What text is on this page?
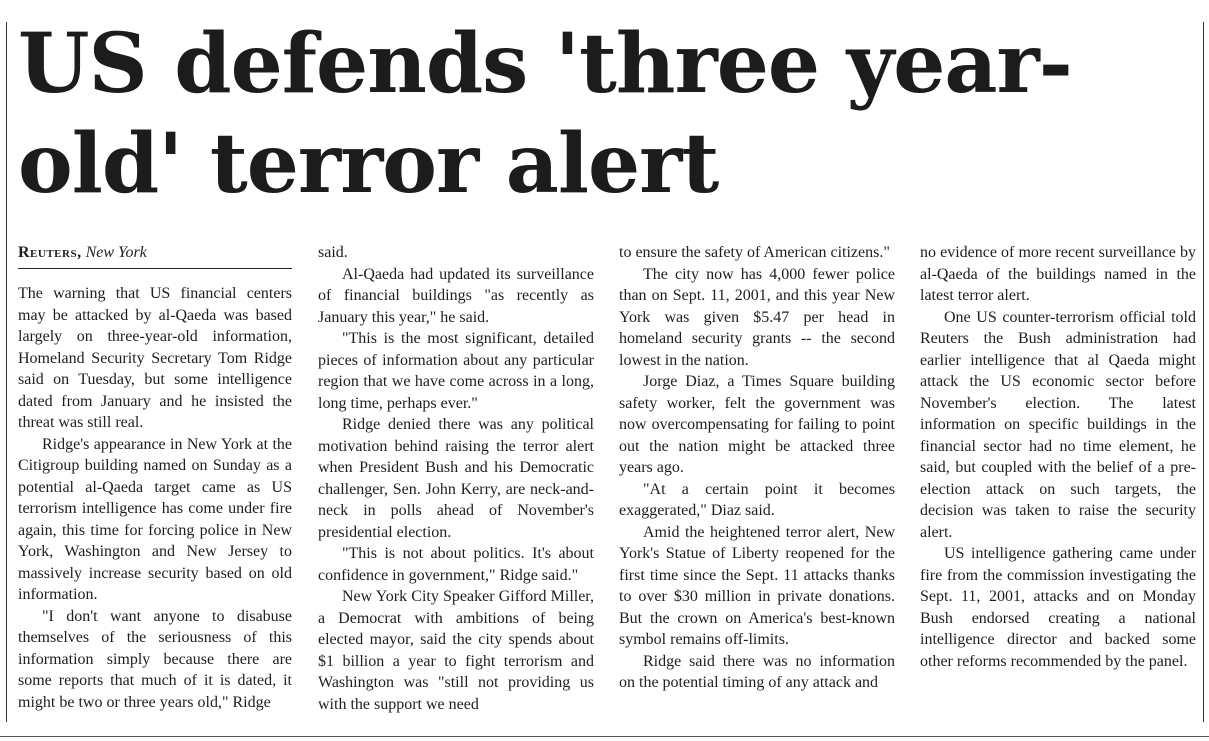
US defends 'three year-old' terror alert
Reuters, New York

The warning that US financial centers may be attacked by al-Qaeda was based largely on three-year-old information, Homeland Security Secretary Tom Ridge said on Tuesday, but some intelligence dated from January and he insisted the threat was still real.

Ridge's appearance in New York at the Citigroup building named on Sunday as a potential al-Qaeda target came as US terrorism intelligence has come under fire again, this time for forcing police in New York, Washington and New Jersey to massively increase security based on old information.

"I don't want anyone to disabuse themselves of the seriousness of this information simply because there are some reports that much of it is dated, it might be two or three years old," Ridge

said.

Al-Qaeda had updated its surveillance of financial buildings "as recently as January this year," he said.

"This is the most significant, detailed pieces of information about any particular region that we have come across in a long, long time, perhaps ever."

Ridge denied there was any political motivation behind raising the terror alert when President Bush and his Democratic challenger, Sen. John Kerry, are neck-and-neck in polls ahead of November's presidential election.

"This is not about politics. It's about confidence in government," Ridge said."

New York City Speaker Gifford Miller, a Democrat with ambitions of being elected mayor, said the city spends about $1 billion a year to fight terrorism and Washington was "still not providing us with the support we need

to ensure the safety of American citizens."

The city now has 4,000 fewer police than on Sept. 11, 2001, and this year New York was given $5.47 per head in homeland security grants -- the second lowest in the nation.

Jorge Diaz, a Times Square building safety worker, felt the government was now overcompensating for failing to point out the nation might be attacked three years ago.

"At a certain point it becomes exaggerated," Diaz said.

Amid the heightened terror alert, New York's Statue of Liberty reopened for the first time since the Sept. 11 attacks thanks to over $30 million in private donations. But the crown on America's best-known symbol remains off-limits.

Ridge said there was no information on the potential timing of any attack and

no evidence of more recent surveillance by al-Qaeda of the buildings named in the latest terror alert.

One US counter-terrorism official told Reuters the Bush administration had earlier intelligence that al Qaeda might attack the US economic sector before November's election. The latest information on specific buildings in the financial sector had no time element, he said, but coupled with the belief of a pre-election attack on such targets, the decision was taken to raise the security alert.

US intelligence gathering came under fire from the commission investigating the Sept. 11, 2001, attacks and on Monday Bush endorsed creating a national intelligence director and backed some other reforms recommended by the panel.
